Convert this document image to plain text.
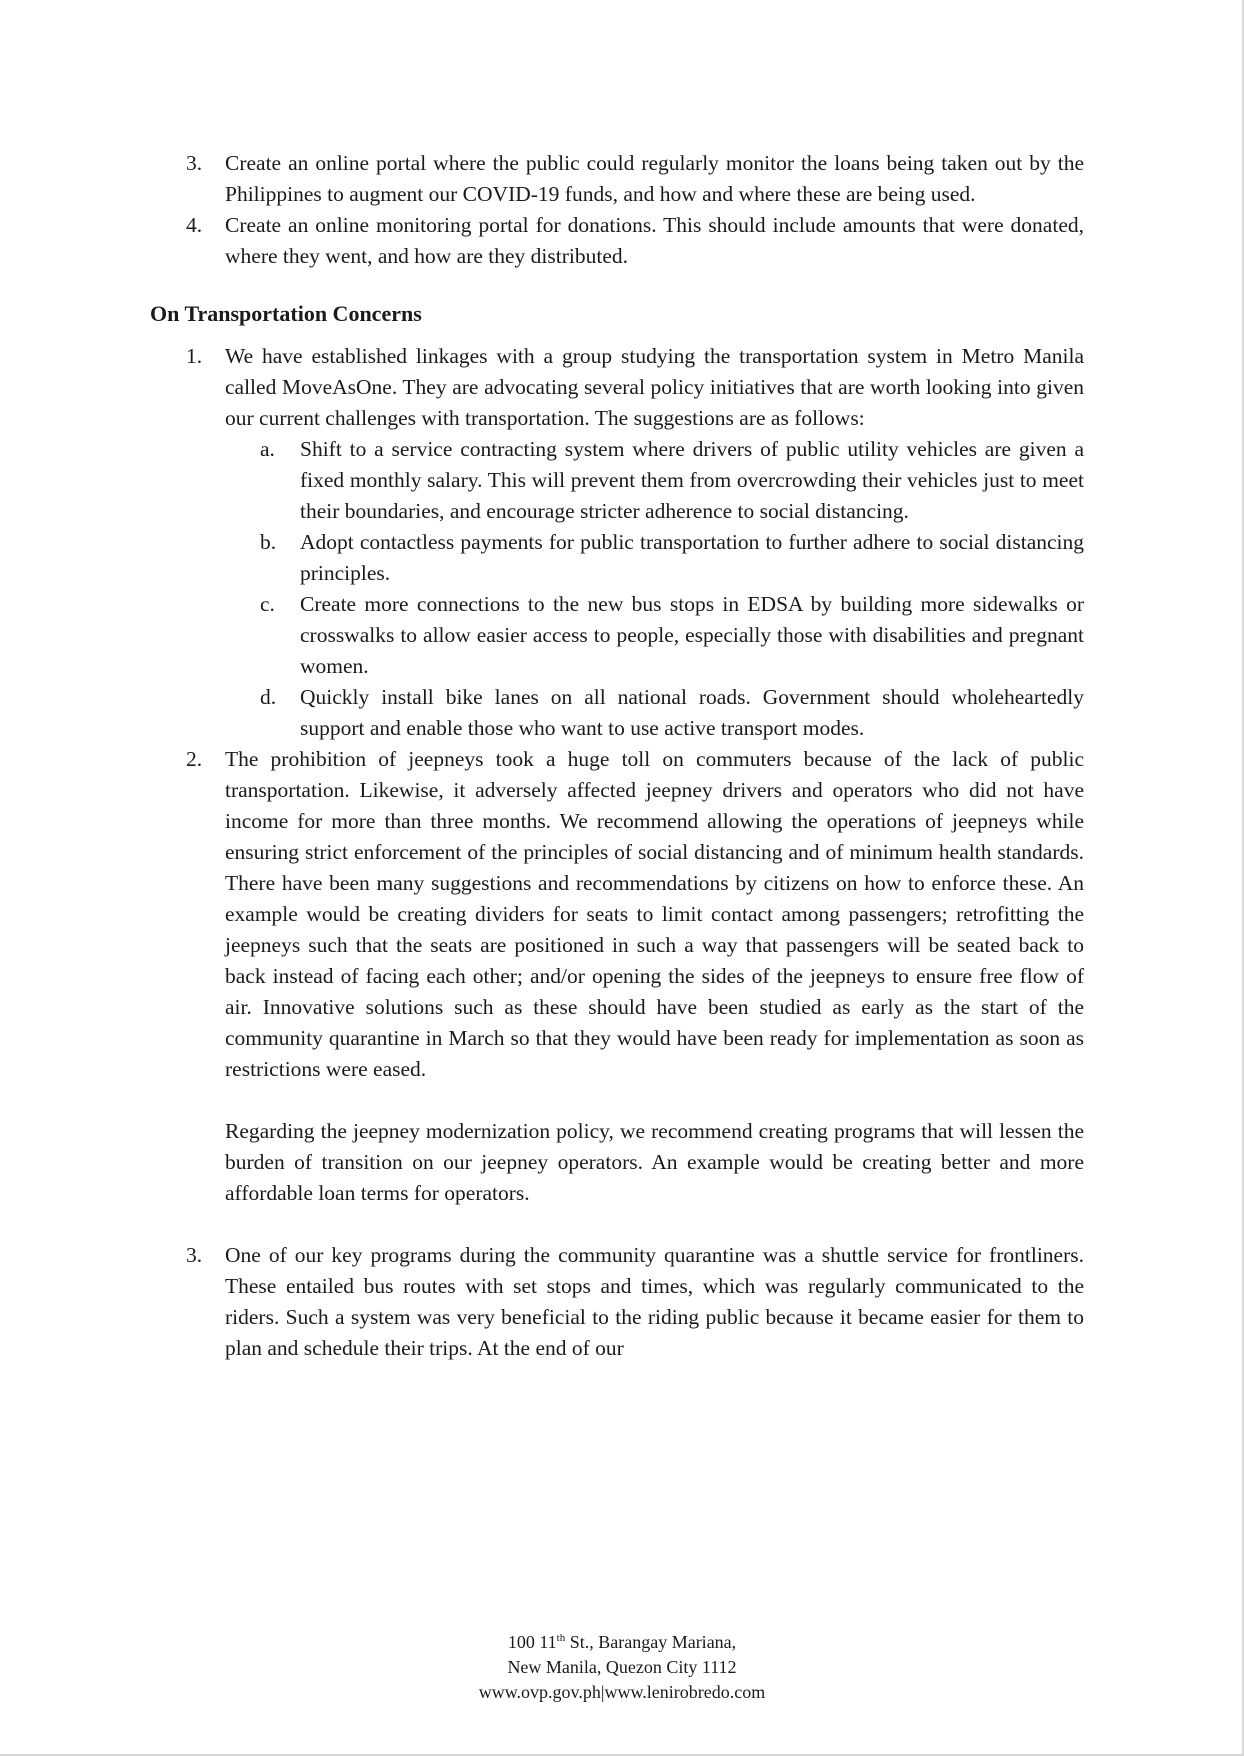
3. Create an online portal where the public could regularly monitor the loans being taken out by the Philippines to augment our COVID-19 funds, and how and where these are being used.

4. Create an online monitoring portal for donations. This should include amounts that were donated, where they went, and how are they distributed.

On Transportation Concerns

1. We have established linkages with a group studying the transportation system in Metro Manila called MoveAsOne. They are advocating several policy initiatives that are worth looking into given our current challenges with transportation. The suggestions are as follows:

a. Shift to a service contracting system where drivers of public utility vehicles are given a fixed monthly salary. This will prevent them from overcrowding their vehicles just to meet their boundaries, and encourage stricter adherence to social distancing.

b. Adopt contactless payments for public transportation to further adhere to social distancing principles.

c. Create more connections to the new bus stops in EDSA by building more sidewalks or crosswalks to allow easier access to people, especially those with disabilities and pregnant women.

d. Quickly install bike lanes on all national roads. Government should wholeheartedly support and enable those who want to use active transport modes.

2. The prohibition of jeepneys took a huge toll on commuters because of the lack of public transportation. Likewise, it adversely affected jeepney drivers and operators who did not have income for more than three months. We recommend allowing the operations of jeepneys while ensuring strict enforcement of the principles of social distancing and of minimum health standards. There have been many suggestions and recommendations by citizens on how to enforce these. An example would be creating dividers for seats to limit contact among passengers; retrofitting the jeepneys such that the seats are positioned in such a way that passengers will be seated back to back instead of facing each other; and/or opening the sides of the jeepneys to ensure free flow of air. Innovative solutions such as these should have been studied as early as the start of the community quarantine in March so that they would have been ready for implementation as soon as restrictions were eased.

Regarding the jeepney modernization policy, we recommend creating programs that will lessen the burden of transition on our jeepney operators. An example would be creating better and more affordable loan terms for operators.

3. One of our key programs during the community quarantine was a shuttle service for frontliners. These entailed bus routes with set stops and times, which was regularly communicated to the riders. Such a system was very beneficial to the riding public because it became easier for them to plan and schedule their trips. At the end of our

100 11th St., Barangay Mariana,
New Manila, Quezon City 1112
www.ovp.gov.ph|www.lenirobredo.com
